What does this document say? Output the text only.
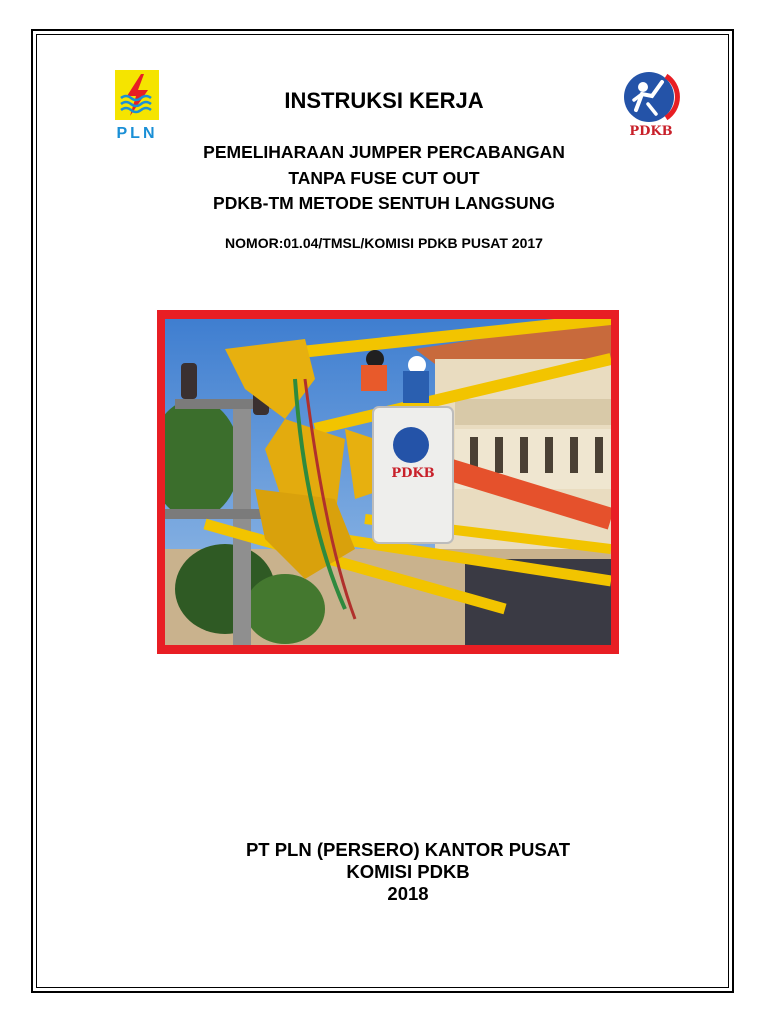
PLN	PDKB
INSTRUKSI KERJA
PEMELIHARAAN JUMPER PERCABANGAN
TANPA FUSE CUT OUT
PDKB-TM METODE SENTUH LANGSUNG
NOMOR:01.04/TMSL/KOMISI PDKB PUSAT 2017
PDKB
PT PLN (PERSERO) KANTOR PUSAT
KOMISI PDKB
2018
